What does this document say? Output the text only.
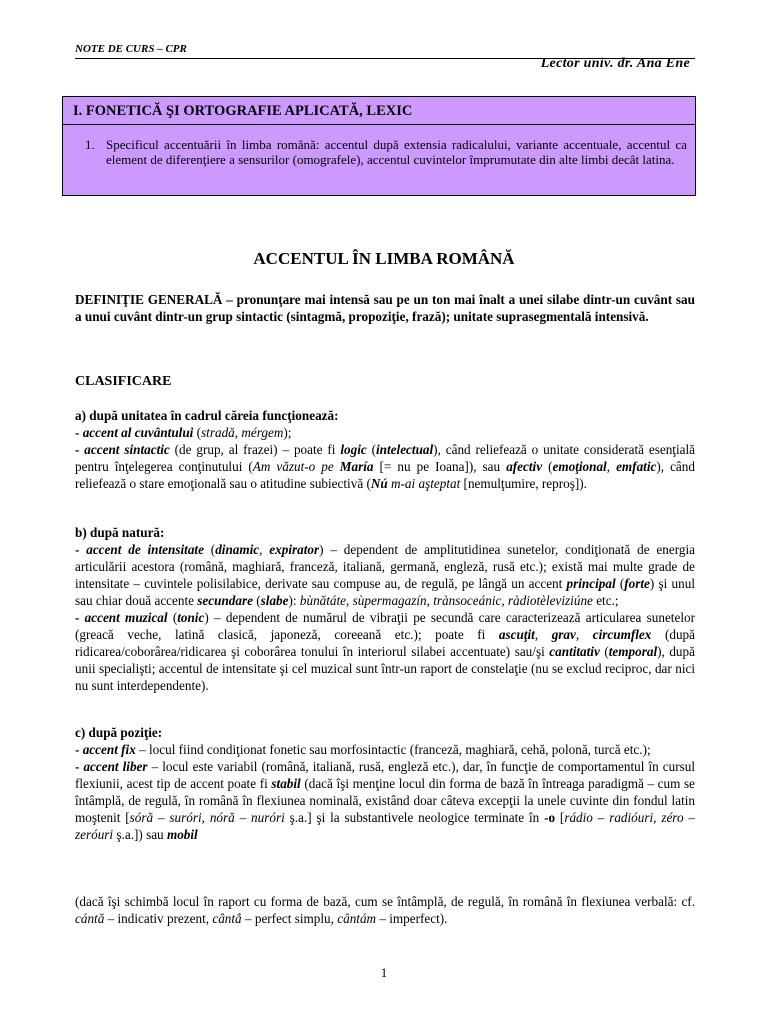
NOTE DE CURS – CPR
Lector univ. dr. Ana Ene
I. FONETICĂ ŞI ORTOGRAFIE APLICATĂ, LEXIC
1. Specificul accentuării în limba română: accentul după extensia radicalului, variante accentuale, accentul ca element de diferenţiere a sensurilor (omografele), accentul cuvintelor împrumutate din alte limbi decât latina.
ACCENTUL ÎN LIMBA ROMÂNĂ
DEFINIŢIE GENERALĂ – pronunţare mai intensă sau pe un ton mai înalt a unei silabe dintr-un cuvânt sau a unui cuvânt dintr-un grup sintactic (sintagmă, propoziţie, frază); unitate suprasegmentală intensivă.
CLASIFICARE

a) după unitatea în cadrul căreia funcţionează:

- accent al cuvântului (stradă, mérgem);

- accent sintactic (de grup, al frazei) – poate fi logic (intelectual), când reliefează o unitate considerată esenţială pentru înţelegerea conţinutului (Am văzut-o pe María [= nu pe Ioana]), sau afectiv (emoţional, emfatic), când reliefează o stare emoţională sau o atitudine subiectivă (Nú m-ai aşteptat [nemulţumire, reproş]).

b) după natură:

- accent de intensitate (dinamic, expirator) – dependent de amplitutidinea sunetelor, condiţionată de energia articulării acestora (română, maghiară, franceză, italiană, germană, engleză, rusă etc.); există mai multe grade de intensitate – cuvintele polisilabice, derivate sau compuse au, de regulă, pe lângă un accent principal (forte) şi unul sau chiar două accente secundare (slabe): bùnătáte, sùpermagazín, trànsoceánic, ràdiotèleviziúne etc.;

- accent muzical (tonic) – dependent de numărul de vibraţii pe secundă care caracterizează articularea sunetelor (greacă veche, latină clasică, japoneză, coreeană etc.); poate fi ascuţit, grav, circumflex (după ridicarea/coborârea/ridicarea şi coborârea tonului în interiorul silabei accentuate) sau/şi cantitativ (temporal), după unii specialişti; accentul de intensitate şi cel muzical sunt într-un raport de constelaţie (nu se exclud reciproc, dar nici nu sunt interdependente).

c) după poziţie:

- accent fix – locul fiind condiţionat fonetic sau morfosintactic (franceză, maghiară, cehă, polonă, turcă etc.);

- accent liber – locul este variabil (română, italiană, rusă, engleză etc.), dar, în funcţie de comportamentul în cursul flexiunii, acest tip de accent poate fi stabil (dacă îşi menţine locul din forma de bază în întreaga paradigmă – cum se întâmplă, de regulă, în română în flexiunea nominală, existând doar câteva excepţii la unele cuvinte din fondul latin moştenit [sóră – suróri, nóră – nuróri ş.a.] şi la substantivele neologice terminate în -o [rádio – radióuri, zéro – zeróuri ş.a.]) sau mobil

(dacă îşi schimbă locul în raport cu forma de bază, cum se întâmplă, de regulă, în română în flexiunea verbală: cf. cántă – indicativ prezent, cântắ – perfect simplu, cântám – imperfect).

1
